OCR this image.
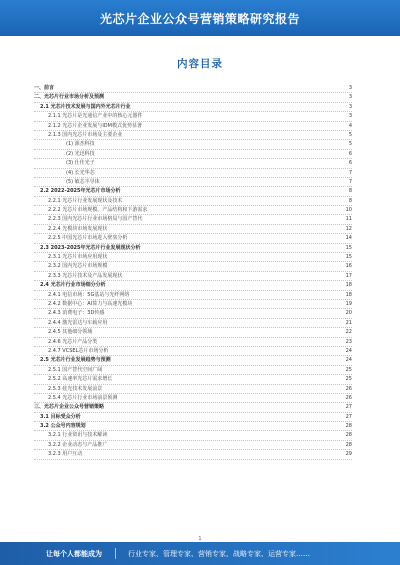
光芯片企业公众号营销策略研究报告
内容目录
一、前言	3
二、光芯片行业市场分析及预测	3
2.1 光芯片技术发展与国内外光芯片行业	3
2.1.1 光芯片是光通信产业中的核心元器件	3
2.1.2 光芯片企业发展与IDM模式优势显著	4
2.1.3 国内光芯片市场及主要企业	5
(1) 源杰科技	5
(2) 光迅科技	6
(3) 仕佳光子	6
(4) 长光华芯	7
(5) 敏芯半导体	7
2.2 2022-2025年光芯片市场分析	8
2.2.1 光芯片行业发展现状及技术	8
2.2.2 光芯片市场规模、产品结构和下游需求	10
2.2.3 国内光芯片行业市场格局与国产替代	11
2.2.4 光模块市场发展现状	12
2.2.5 中国光芯片市场进入壁垒分析	14
2.3 2023-2025年光芯片行业发展现状分析	15
2.3.1 光芯片市场应用现状	15
2.3.2 国内光芯片市场规模	16
2.3.3 光芯片技术及产品发展现状	17
2.4 光芯片行业市场细分分析	18
2.4.1 电信市场：5G基站与光纤网络	18
2.4.2 数据中心：AI算力与高速光模块	19
2.4.3 消费电子：3D传感	20
2.4.4 激光雷达与车载应用	21
2.4.5 其他细分领域	22
2.4.6 光芯片产品分类	23
2.4.7 VCSEL芯片市场分析	24
2.5 光芯片行业发展趋势与预测	24
2.5.1 国产替代空间广阔	25
2.5.2 高速率光芯片需求增长	25
2.5.3 硅光技术发展前景	26
2.5.4 光芯片行业市场前景预测	26
三、光芯片企业公众号营销策略	27
3.1 目标受众分析	27
3.2 公众号内容规划	28
3.2.1 行业资讯与技术解读	28
3.2.2 企业动态与产品推广	28
3.2.3 用户互动	29
1
让每个人都能成为	行业专家、管理专家、营销专家、战略专家、运营专家……
